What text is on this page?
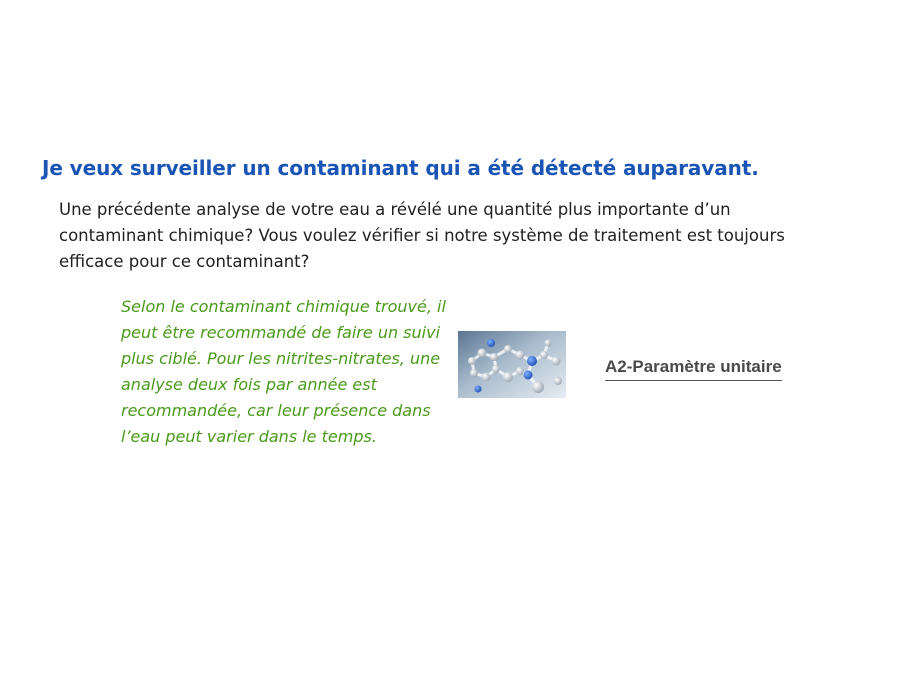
Je veux surveiller un contaminant qui a été détecté auparavant.

Une précédente analyse de votre eau a révélé une quantité plus importante d’un contaminant chimique? Vous voulez vérifier si notre système de traitement est toujours efficace pour ce contaminant?

Selon le contaminant chimique trouvé, il peut être recommandé de faire un suivi plus ciblé. Pour les nitrites-nitrates, une analyse deux fois par année est recommandée, car leur présence dans l’eau peut varier dans le temps.

A2-Paramètre unitaire
